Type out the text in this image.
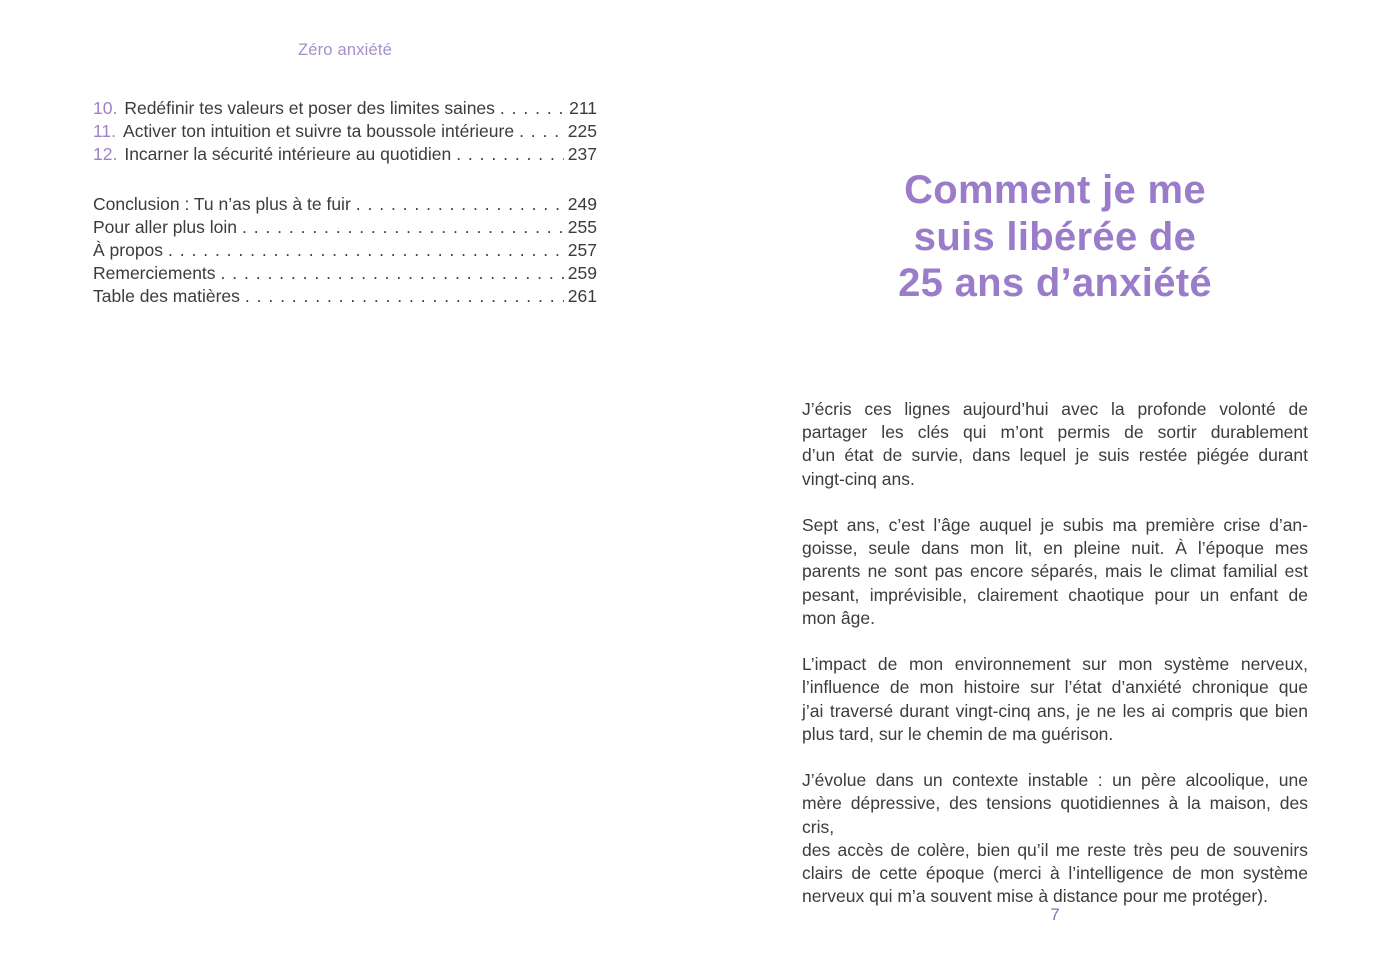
Zéro anxiété
10. Redéfinir tes valeurs et poser des limites saines . . .	211
11. Activer ton intuition et suivre ta boussole intérieure . . .	225
12. Incarner la sécurité intérieure au quotidien . . .	237
Conclusion : Tu n’as plus à te fuir . . .	249
Pour aller plus loin . . .	255
À propos . . .	257
Remerciements . . .	259
Table des matières . . .	261
Comment je me
suis libérée de
25 ans d’anxiété
J’écris ces lignes aujourd’hui avec la profonde volonté de
partager les clés qui m’ont permis de sortir durablement
d’un état de survie, dans lequel je suis restée piégée durant
vingt-cinq ans.
Sept ans, c’est l’âge auquel je subis ma première crise d’an-
goisse, seule dans mon lit, en pleine nuit. À l’époque mes
parents ne sont pas encore séparés, mais le climat familial est
pesant, imprévisible, clairement chaotique pour un enfant de
mon âge.
L’impact de mon environnement sur mon système nerveux,
l’influence de mon histoire sur l’état d’anxiété chronique que
j’ai traversé durant vingt-cinq ans, je ne les ai compris que bien
plus tard, sur le chemin de ma guérison.
J’évolue dans un contexte instable : un père alcoolique, une
mère dépressive, des tensions quotidiennes à la maison, des cris,
des accès de colère, bien qu’il me reste très peu de souvenirs
clairs de cette époque (merci à l’intelligence de mon système
nerveux qui m’a souvent mise à distance pour me protéger).
7
